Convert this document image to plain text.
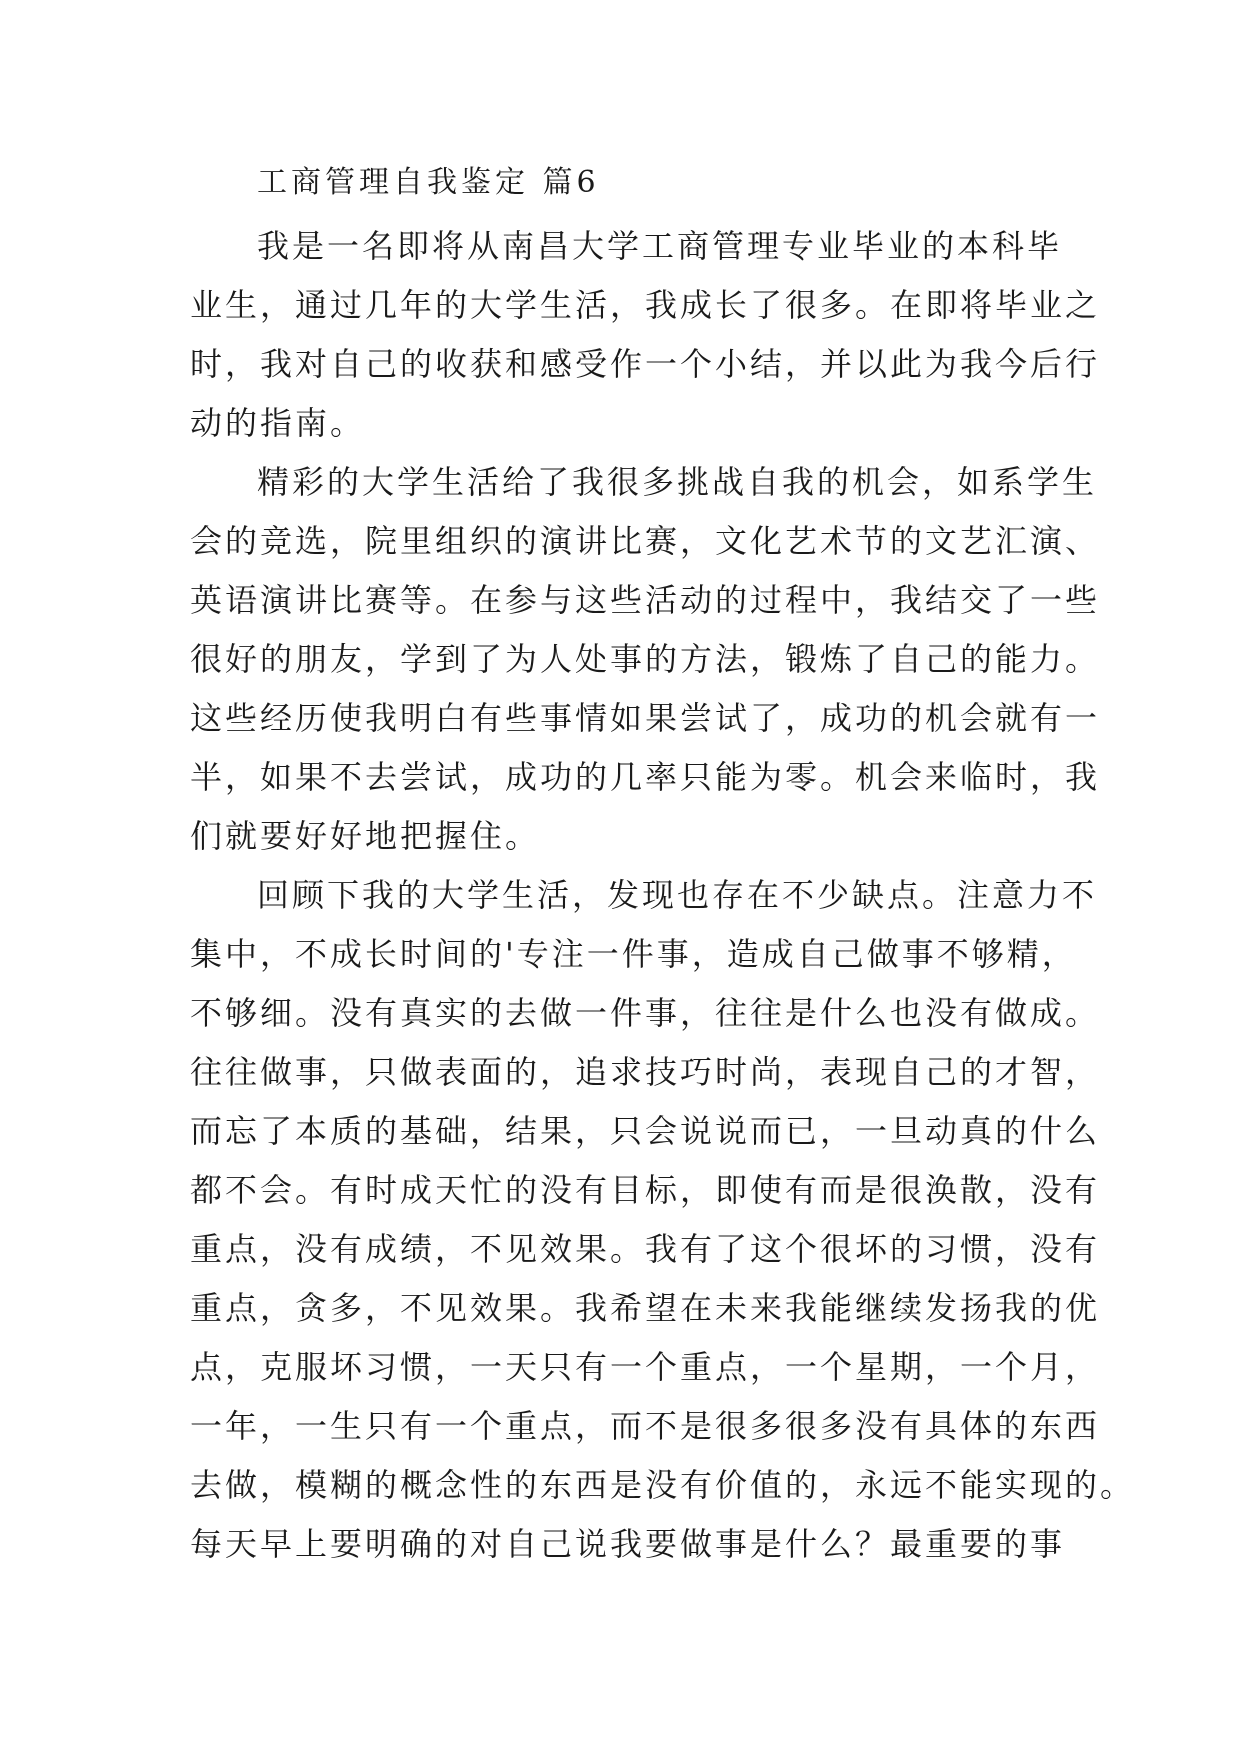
工商管理自我鉴定 篇6
我是一名即将从南昌大学工商管理专业毕业的本科毕
业生，通过几年的大学生活，我成长了很多。在即将毕业之
时，我对自己的收获和感受作一个小结，并以此为我今后行
动的指南。
精彩的大学生活给了我很多挑战自我的机会，如系学生
会的竞选，院里组织的演讲比赛，文化艺术节的文艺汇演、
英语演讲比赛等。在参与这些活动的过程中，我结交了一些
很好的朋友，学到了为人处事的方法，锻炼了自己的能力。
这些经历使我明白有些事情如果尝试了，成功的机会就有一
半，如果不去尝试，成功的几率只能为零。机会来临时，我
们就要好好地把握住。
回顾下我的大学生活，发现也存在不少缺点。注意力不
集中，不成长时间的'专注一件事，造成自己做事不够精，
不够细。没有真实的去做一件事，往往是什么也没有做成。
往往做事，只做表面的，追求技巧时尚，表现自己的才智，
而忘了本质的基础，结果，只会说说而已，一旦动真的什么
都不会。有时成天忙的没有目标，即使有而是很涣散，没有
重点，没有成绩，不见效果。我有了这个很坏的习惯，没有
重点，贪多，不见效果。我希望在未来我能继续发扬我的优
点，克服坏习惯，一天只有一个重点，一个星期，一个月，
一年，一生只有一个重点，而不是很多很多没有具体的东西
去做，模糊的概念性的东西是没有价值的，永远不能实现的。
每天早上要明确的对自己说我要做事是什么？最重要的事
